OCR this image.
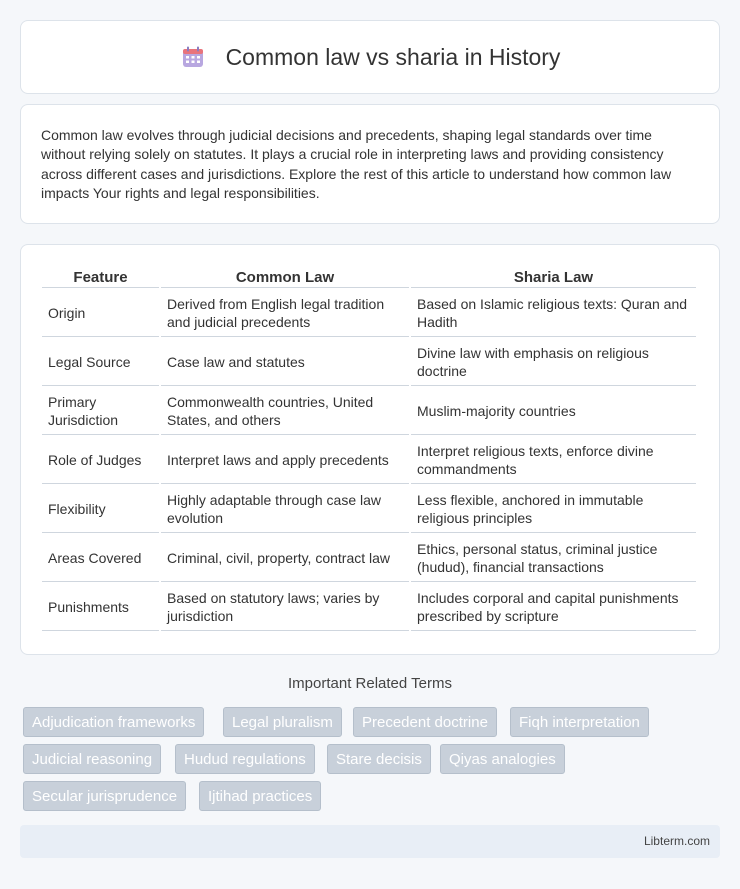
Common law vs sharia in History

Common law evolves through judicial decisions and precedents, shaping legal standards over time without relying solely on statutes. It plays a crucial role in interpreting laws and providing consistency across different cases and jurisdictions. Explore the rest of this article to understand how common law impacts Your rights and legal responsibilities.

Feature	Common Law	Sharia Law
Origin	Derived from English legal tradition and judicial precedents	Based on Islamic religious texts: Quran and Hadith
Legal Source	Case law and statutes	Divine law with emphasis on religious doctrine
Primary Jurisdiction	Commonwealth countries, United States, and others	Muslim-majority countries
Role of Judges	Interpret laws and apply precedents	Interpret religious texts, enforce divine commandments
Flexibility	Highly adaptable through case law evolution	Less flexible, anchored in immutable religious principles
Areas Covered	Criminal, civil, property, contract law	Ethics, personal status, criminal justice (hudud), financial transactions
Punishments	Based on statutory laws; varies by jurisdiction	Includes corporal and capital punishments prescribed by scripture
Important Related Terms
Adjudication frameworks	Legal pluralism	Precedent doctrine	Fiqh interpretation
Judicial reasoning	Hudud regulations	Stare decisis	Qiyas analogies
Secular jurisprudence	Ijtihad practices
Libterm.com
